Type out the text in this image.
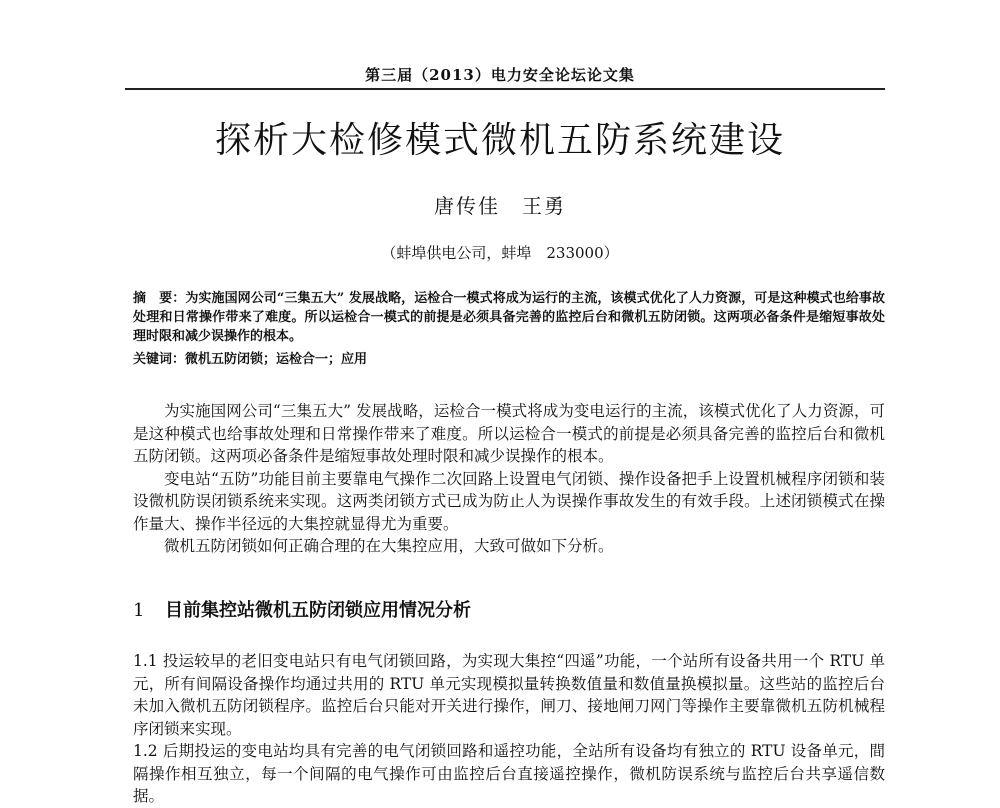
第三届（2013）电力安全论坛论文集
探析大检修模式微机五防系统建设
唐传佳　王勇
（蚌埠供电公司，蚌埠　233000）
摘　要：为实施国网公司“三集五大” 发展战略，运检合一模式将成为运行的主流，该模式优化了人力资源，可是这种模式也给事故处理和日常操作带来了难度。所以运检合一模式的前提是必须具备完善的监控后台和微机五防闭锁。这两项必备条件是缩短事故处理时限和减少误操作的根本。
关键词：微机五防闭锁；运检合一；应用

为实施国网公司“三集五大” 发展战略，运检合一模式将成为变电运行的主流，该模式优化了人力资源，可是这种模式也给事故处理和日常操作带来了难度。所以运检合一模式的前提是必须具备完善的监控后台和微机五防闭锁。这两项必备条件是缩短事故处理时限和减少误操作的根本。

变电站“五防”功能目前主要靠电气操作二次回路上设置电气闭锁、操作设备把手上设置机械程序闭锁和装设微机防误闭锁系统来实现。这两类闭锁方式已成为防止人为误操作事故发生的有效手段。上述闭锁模式在操作量大、操作半径远的大集控就显得尤为重要。

微机五防闭锁如何正确合理的在大集控应用，大致可做如下分析。

1 目前集控站微机五防闭锁应用情况分析

1.1 投运较早的老旧变电站只有电气闭锁回路，为实现大集控“四遥”功能，一个站所有设备共用一个 RTU 单元，所有间隔设备操作均通过共用的 RTU 单元实现模拟量转换数值量和数值量换模拟量。这些站的监控后台未加入微机五防闭锁程序。监控后台只能对开关进行操作，闸刀、接地闸刀网门等操作主要靠微机五防机械程序闭锁来实现。

1.2 后期投运的变电站均具有完善的电气闭锁回路和遥控功能，全站所有设备均有独立的 RTU 设备单元，間隔操作相互独立，每一个间隔的电气操作可由监控后台直接遥控操作，微机防误系统与监控后台共享遥信数据。
